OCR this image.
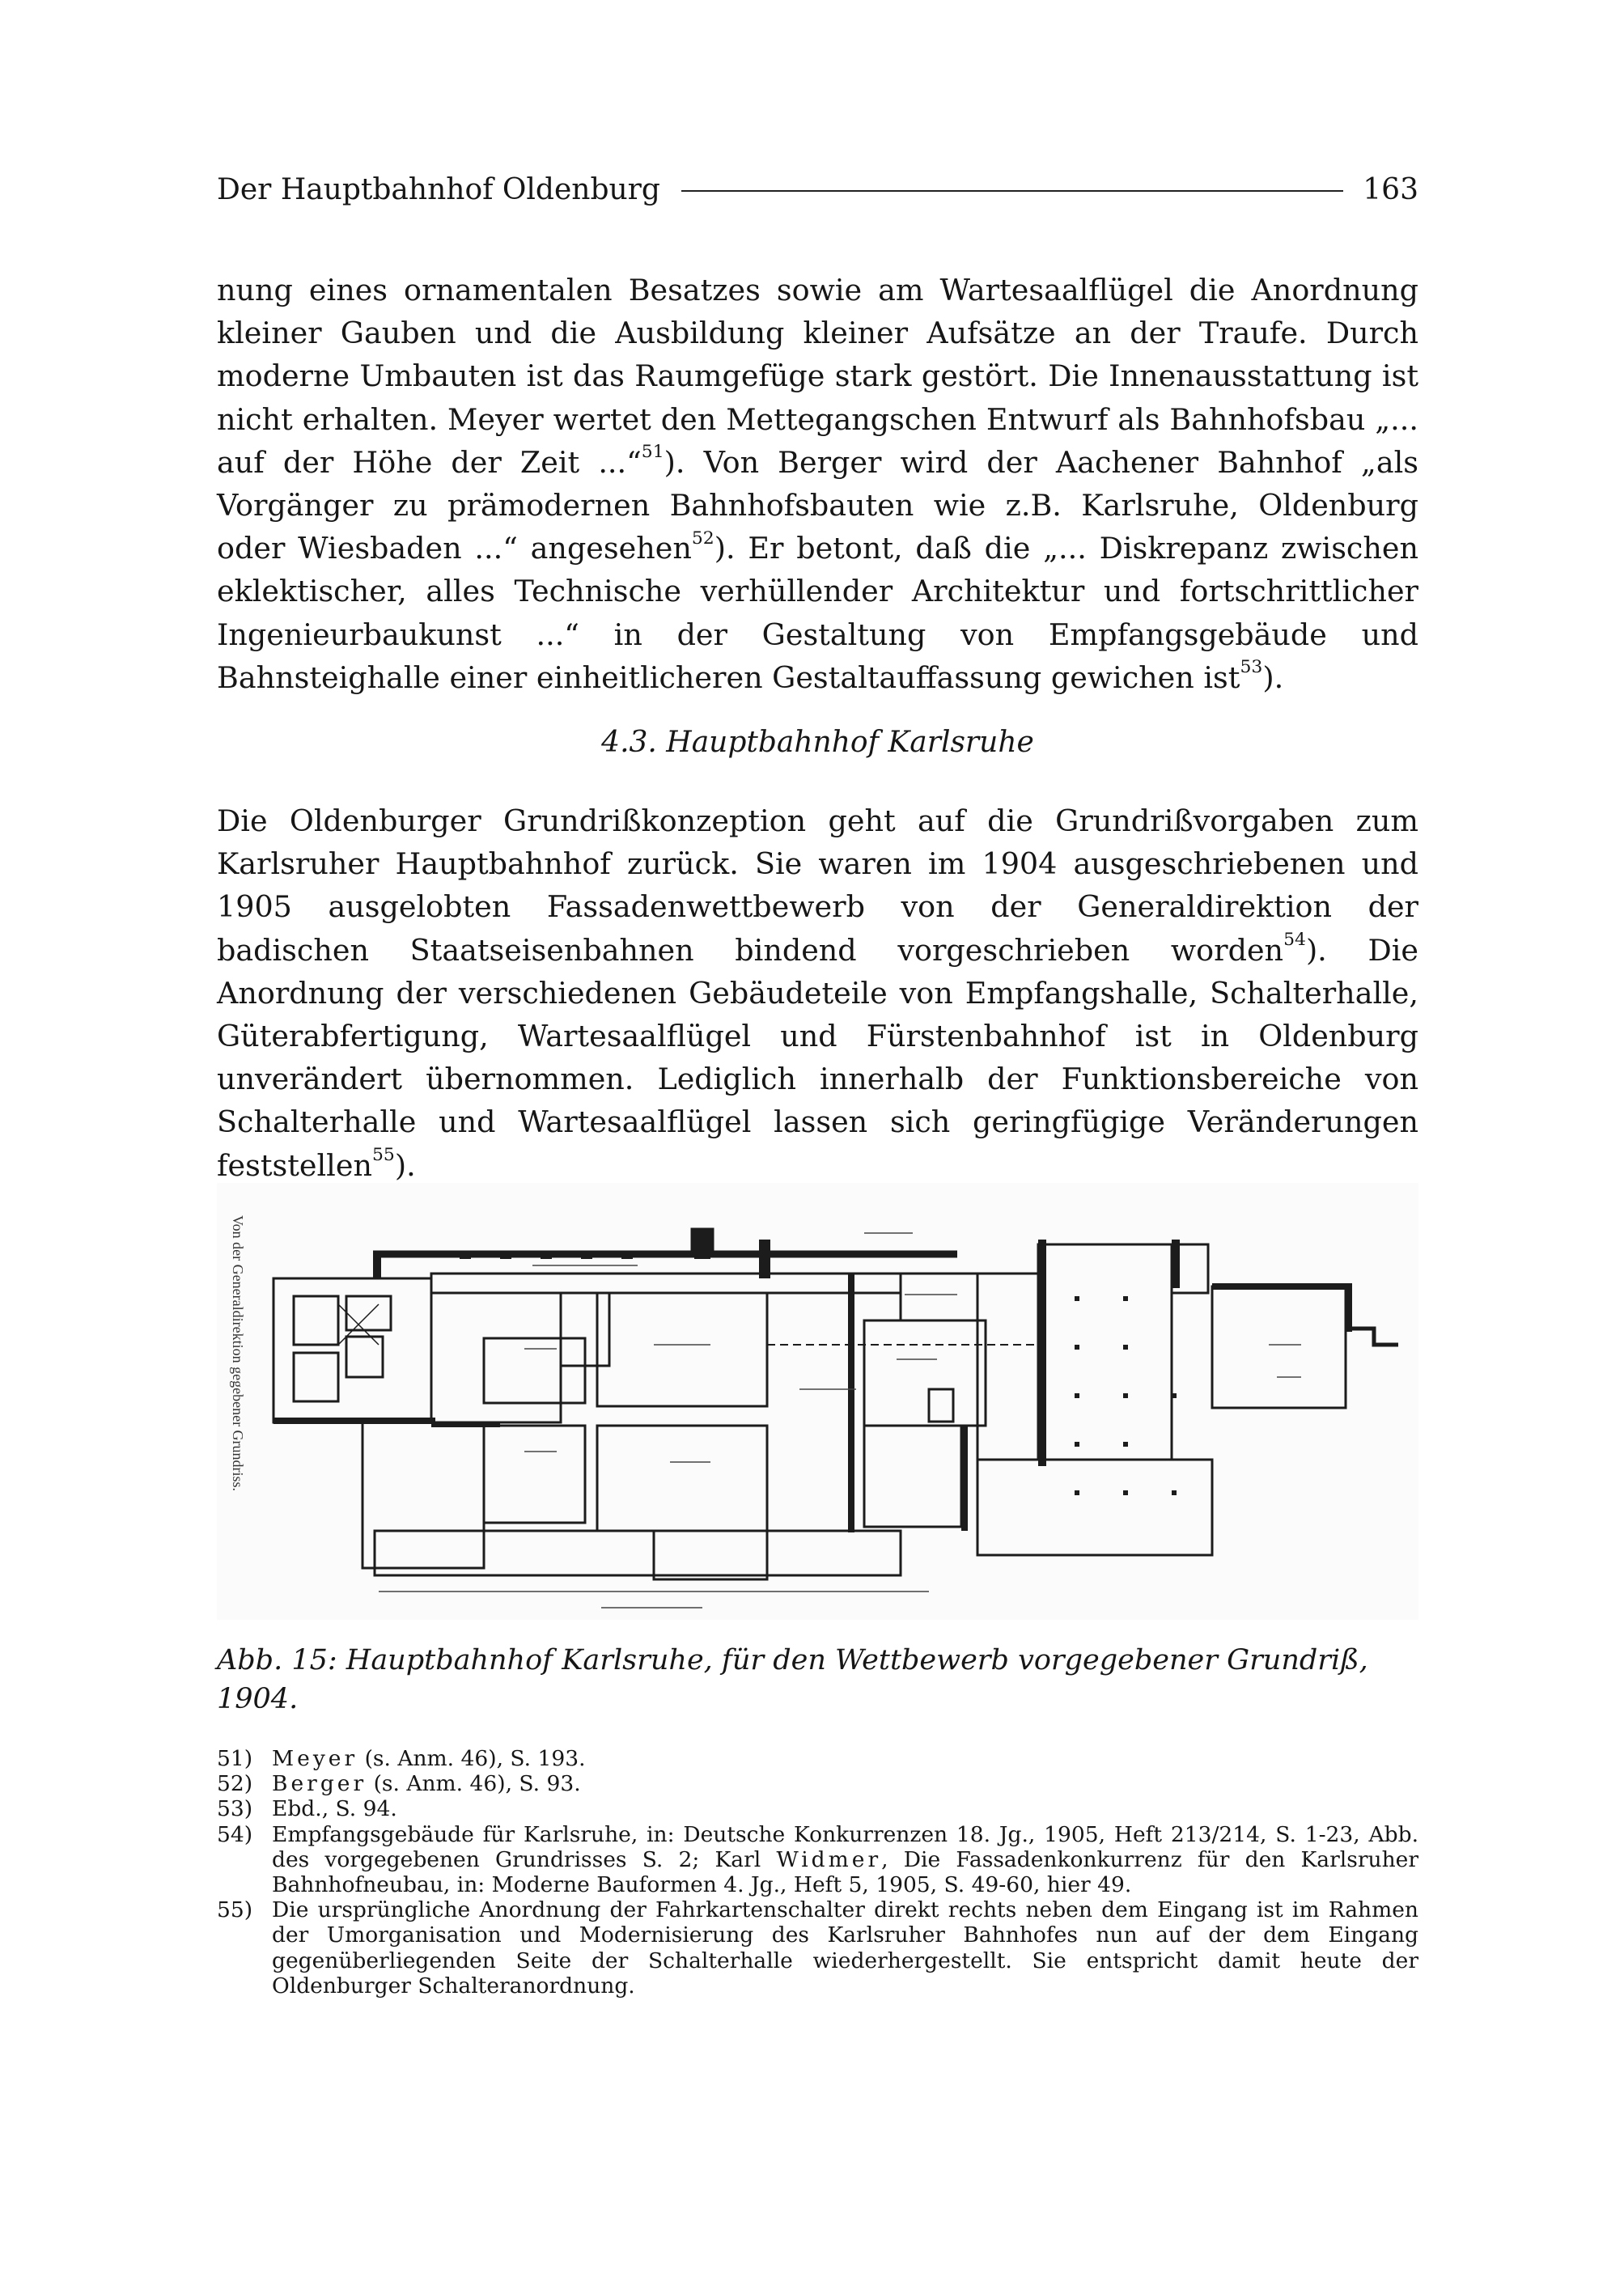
Der Hauptbahnhof Oldenburg	163

nung eines ornamentalen Besatzes sowie am Wartesaalflügel die Anordnung kleiner Gauben und die Ausbildung kleiner Aufsätze an der Traufe. Durch moderne Umbauten ist das Raumgefüge stark gestört. Die Innenausstattung ist nicht erhalten. Meyer wertet den Mettegangschen Entwurf als Bahnhofsbau „... auf der Höhe der Zeit ...“$^{51}$). Von Berger wird der Aachener Bahnhof „als Vorgänger zu prämodernen Bahnhofsbauten wie z.B. Karlsruhe, Oldenburg oder Wiesbaden ...“ angesehen$^{52}$). Er betont, daß die „... Diskrepanz zwischen eklektischer, alles Technische verhüllender Architektur und fortschrittlicher Ingenieurbaukunst ...“ in der Gestaltung von Empfangsgebäude und Bahnsteighalle einer einheitlicheren Gestaltauffassung gewichen ist$^{53}$).

4.3. Hauptbahnhof Karlsruhe

Die Oldenburger Grundrißkonzeption geht auf die Grundrißvorgaben zum Karlsruher Hauptbahnhof zurück. Sie waren im 1904 ausgeschriebenen und 1905 ausgelobten Fassadenwettbewerb von der Generaldirektion der badischen Staatseisenbahnen bindend vorgeschrieben worden$^{54}$). Die Anordnung der verschiedenen Gebäudeteile von Empfangshalle, Schalterhalle, Güterabfertigung, Wartesaalflügel und Fürstenbahnhof ist in Oldenburg unverändert übernommen. Lediglich innerhalb der Funktionsbereiche von Schalterhalle und Wartesaalflügel lassen sich geringfügige Veränderungen feststellen$^{55}$).

Von der Generaldirektion gegebener Grundriss.
Abb. 15: Hauptbahnhof Karlsruhe, für den Wettbewerb vorgegebener Grundriß, 1904.
51) Meyer (s. Anm. 46), S. 193.
52) Berger (s. Anm. 46), S. 93.
53) Ebd., S. 94.
54) Empfangsgebäude für Karlsruhe, in: Deutsche Konkurrenzen 18. Jg., 1905, Heft 213/214, S. 1-23, Abb. des vorgegebenen Grundrisses S. 2; Karl Widmer, Die Fassadenkonkurrenz für den Karlsruher Bahnhofneubau, in: Moderne Bauformen 4. Jg., Heft 5, 1905, S. 49-60, hier 49.
55) Die ursprüngliche Anordnung der Fahrkartenschalter direkt rechts neben dem Eingang ist im Rahmen der Umorganisation und Modernisierung des Karlsruher Bahnhofes nun auf der dem Eingang gegenüberliegenden Seite der Schalterhalle wiederhergestellt. Sie entspricht damit heute der Oldenburger Schalteranordnung.
